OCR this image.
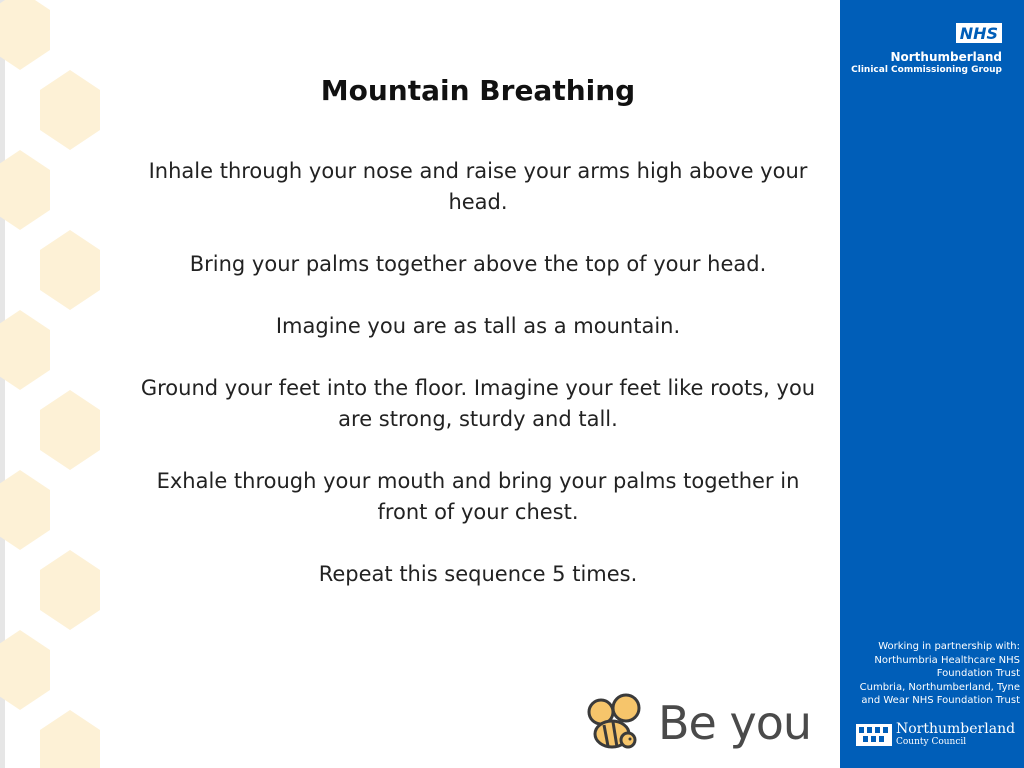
Mountain Breathing

Inhale through your nose and raise your arms high above your head.

Bring your palms together above the top of your head.

Imagine you are as tall as a mountain.

Ground your feet into the floor. Imagine your feet like roots, you are strong, sturdy and tall.

Exhale through your mouth and bring your palms together in front of your chest.

Repeat this sequence 5 times.

Be you
NHS
Northumberland
Clinical Commissioning Group
Working in partnership with:
Northumbria Healthcare NHS
Foundation Trust
Cumbria, Northumberland, Tyne
and Wear NHS Foundation Trust
Northumberland
County Council
